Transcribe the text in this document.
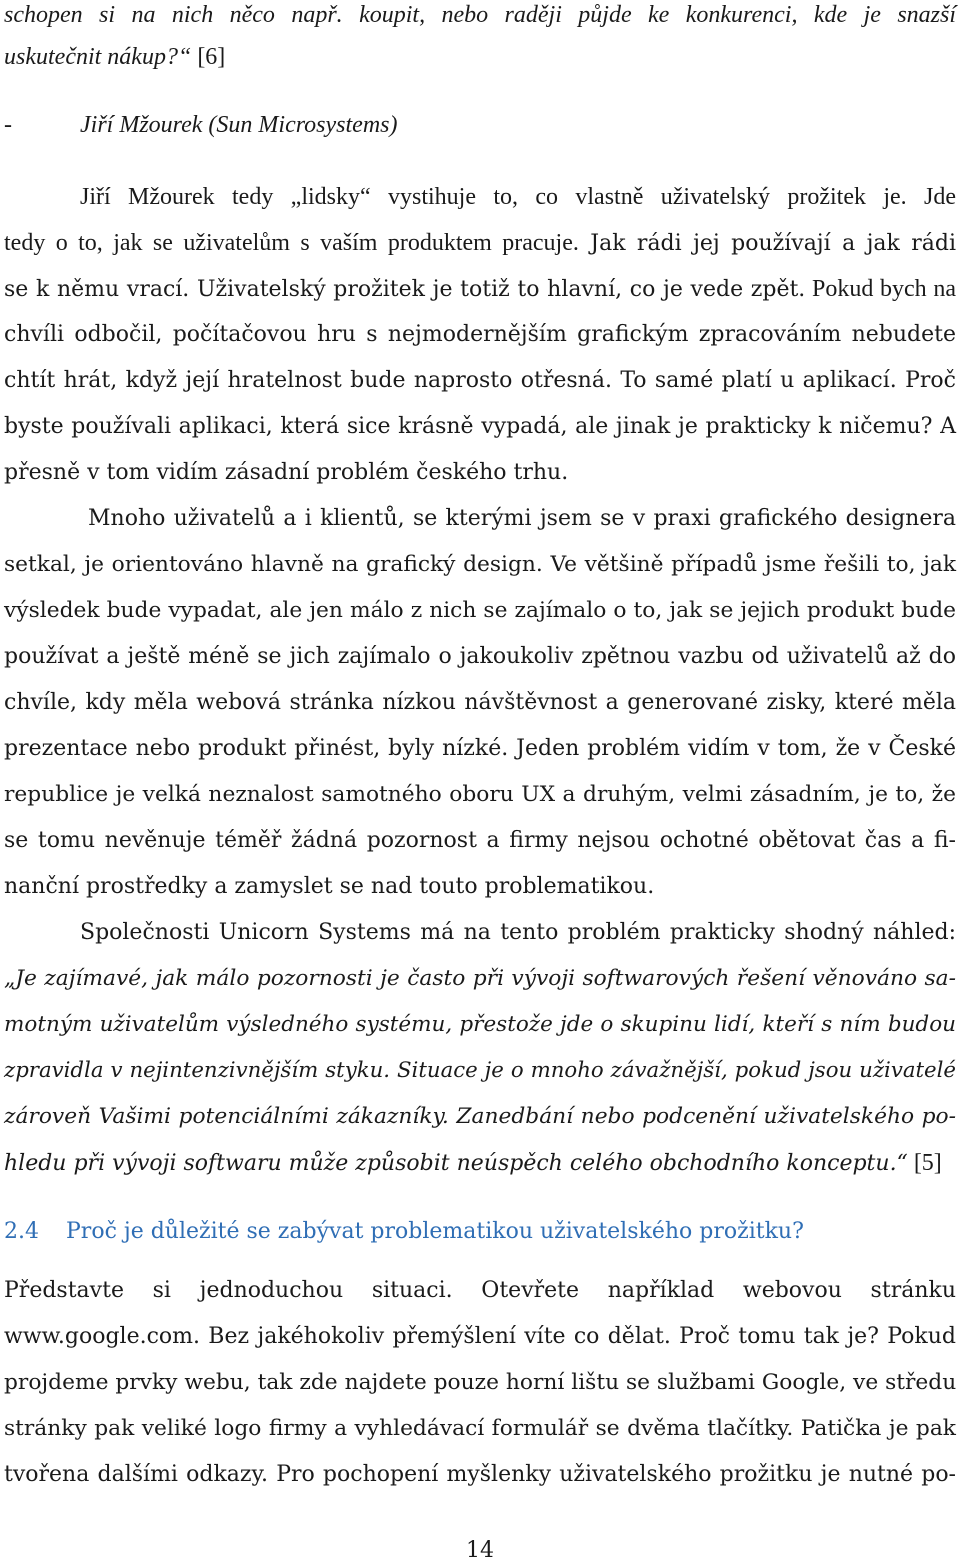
schopen si na nich něco např. koupit, nebo raději půjde ke konkurenci, kde je snazší
uskutečnit nákup?“ [6]
-	Jiří Mžourek (Sun Microsystems)
Jiří Mžourek tedy „lidsky“ vystihuje to, co vlastně uživatelský prožitek je. Jde
tedy o to, jak se uživatelům s vaším produktem pracuje. Jak rádi jej používají a jak rádi
se k němu vrací. Uživatelský prožitek je totiž to hlavní, co je vede zpět. Pokud bych na
chvíli odbočil, počítačovou hru s nejmodernějším grafickým zpracováním nebudete
chtít hrát, když její hratelnost bude naprosto otřesná. To samé platí u aplikací. Proč
byste používali aplikaci, která sice krásně vypadá, ale jinak je prakticky k ničemu? A
přesně v tom vidím zásadní problém českého trhu.
Mnoho uživatelů a i klientů, se kterými jsem se v praxi grafického designera
setkal, je orientováno hlavně na grafický design. Ve většině případů jsme řešili to, jak
výsledek bude vypadat, ale jen málo z nich se zajímalo o to, jak se jejich produkt bude
používat a ještě méně se jich zajímalo o jakoukoliv zpětnou vazbu od uživatelů až do
chvíle, kdy měla webová stránka nízkou návštěvnost a generované zisky, které měla
prezentace nebo produkt přinést, byly nízké. Jeden problém vidím v tom, že v České
republice je velká neznalost samotného oboru UX a druhým, velmi zásadním, je to, že
se tomu nevěnuje téměř žádná pozornost a firmy nejsou ochotné obětovat čas a fi-
nanční prostředky a zamyslet se nad touto problematikou.
Společnosti Unicorn Systems má na tento problém prakticky shodný náhled:
„Je zajímavé, jak málo pozornosti je často při vývoji softwarových řešení věnováno sa-
motným uživatelům výsledného systému, přestože jde o skupinu lidí, kteří s ním budou
zpravidla v nejintenzivnějším styku. Situace je o mnoho závažnější, pokud jsou uživatelé
zároveň Vašimi potenciálními zákazníky. Zanedbání nebo podcenění uživatelského po-
hledu při vývoji softwaru může způsobit neúspěch celého obchodního konceptu.“ [5]
2.4 Proč je důležité se zabývat problematikou uživatelského prožitku?
Představte si jednoduchou situaci. Otevřete například webovou stránku
www.google.com. Bez jakéhokoliv přemýšlení víte co dělat. Proč tomu tak je? Pokud
projdeme prvky webu, tak zde najdete pouze horní lištu se službami Google, ve středu
stránky pak veliké logo firmy a vyhledávací formulář se dvěma tlačítky. Patička je pak
tvořena dalšími odkazy. Pro pochopení myšlenky uživatelského prožitku je nutné po-
14
